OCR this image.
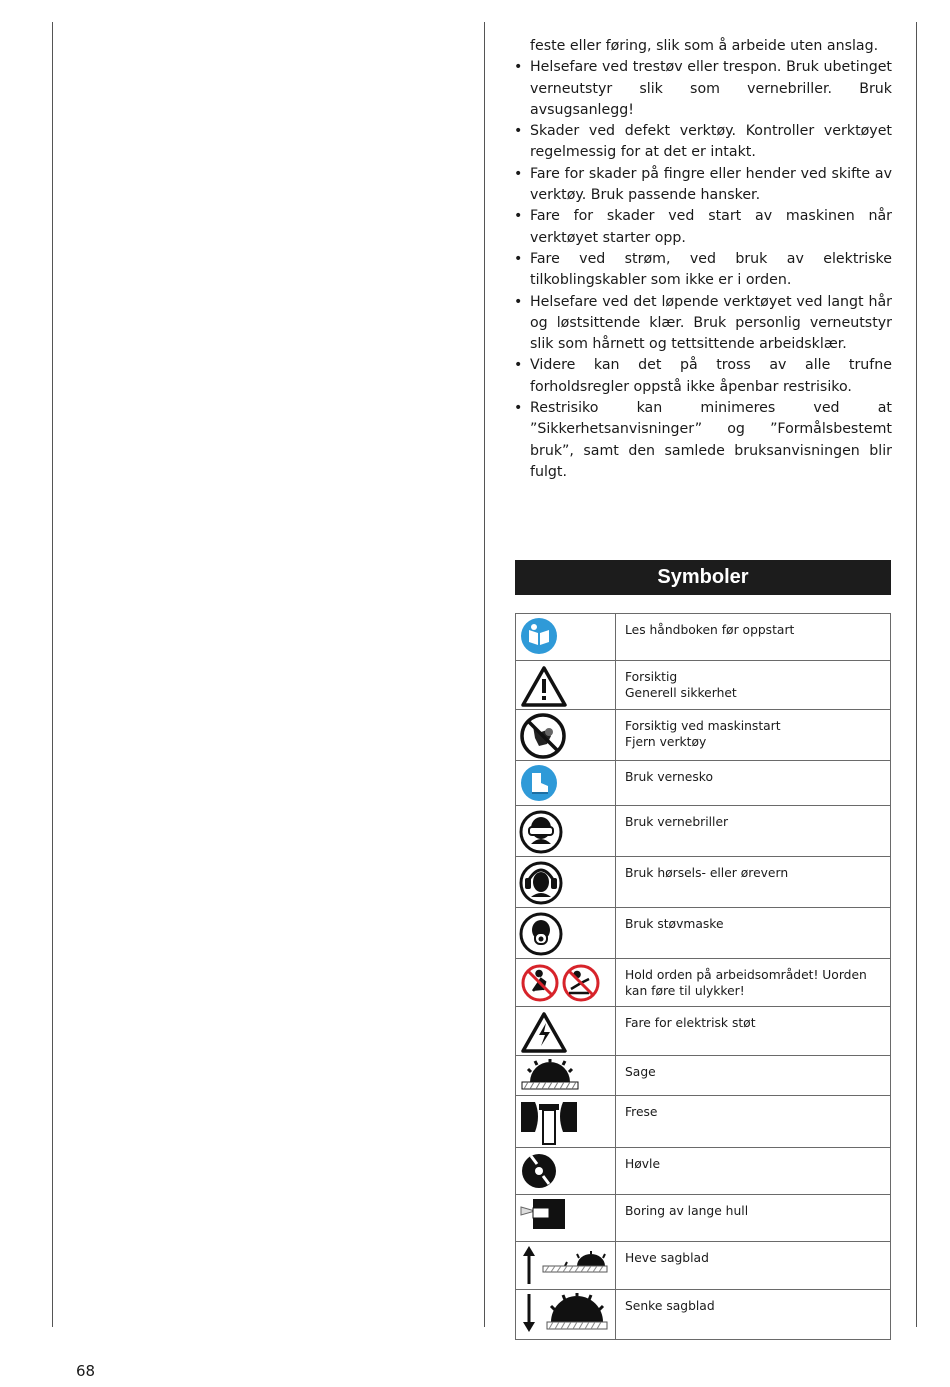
feste eller føring, slik som å arbeide uten anslag.

• Helsefare ved trestøv eller trespon. Bruk ubetinget verneutstyr slik som vernebriller. Bruk avsugsanlegg!

• Skader ved defekt verktøy. Kontroller verktøyet regelmessig for at det er intakt.

• Fare for skader på fingre eller hender ved skifte av verktøy. Bruk passende hansker.

• Fare for skader ved start av maskinen når verktøyet starter opp.

• Fare ved strøm, ved bruk av elektriske tilkoblingskabler som ikke er i orden.

• Helsefare ved det løpende verktøyet ved langt hår og løstsittende klær. Bruk personlig verneutstyr slik som hårnett og tettsittende arbeidsklær.

• Videre kan det på tross av alle trufne forholdsregler oppstå ikke åpenbar restrisiko.

• Restrisiko kan minimeres ved at ”Sikkerhetsanvisninger” og ”Formålsbestemt bruk”, samt den samlede bruksanvisningen blir fulgt.

Symboler

Les håndboken før oppstart

Forsiktig
Generell sikkerhet

Forsiktig ved maskinstart
Fjern verktøy

Bruk vernesko

Bruk vernebriller

Bruk hørsels- eller ørevern

Bruk støvmaske

Hold orden på arbeidsområdet! Uorden kan føre til ulykker!

Fare for elektrisk støt

Sage

Frese

Høvle

Boring av lange hull

Heve sagblad

Senke sagblad
68
